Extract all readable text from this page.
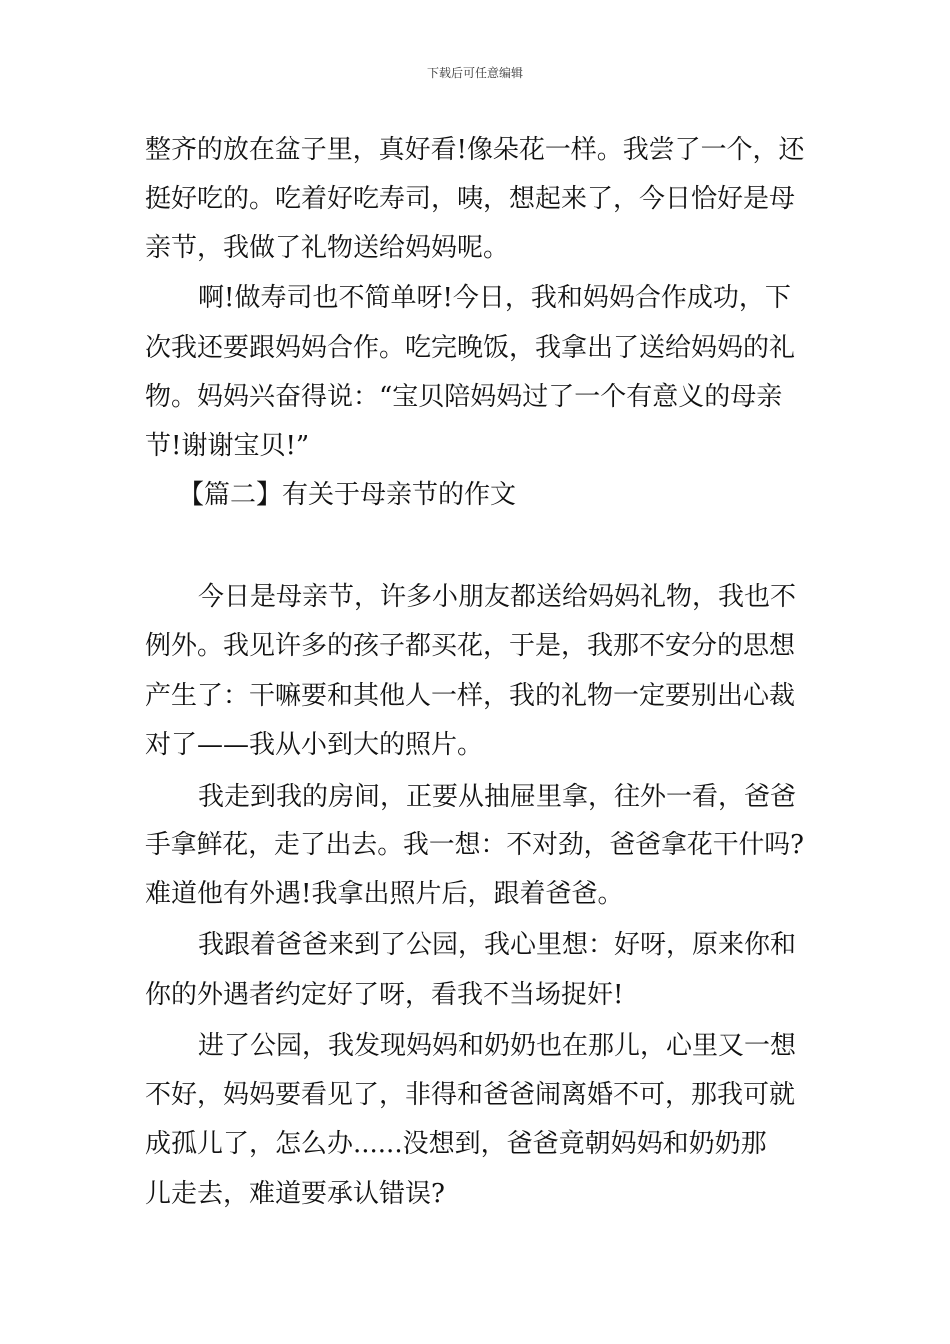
下载后可任意编辑
整齐的放在盆子里，真好看!像朵花一样。我尝了一个，还
挺好吃的。吃着好吃寿司，咦，想起来了，今日恰好是母
亲节，我做了礼物送给妈妈呢。
啊!做寿司也不简单呀!今日，我和妈妈合作成功，下
次我还要跟妈妈合作。吃完晚饭，我拿出了送给妈妈的礼
物。妈妈兴奋得说：“宝贝陪妈妈过了一个有意义的母亲
节!谢谢宝贝!”
【篇二】有关于母亲节的作文
今日是母亲节，许多小朋友都送给妈妈礼物，我也不
例外。我见许多的孩子都买花，于是，我那不安分的思想
产生了：干嘛要和其他人一样，我的礼物一定要别出心裁
对了——我从小到大的照片。
我走到我的房间，正要从抽屉里拿，往外一看，爸爸
手拿鲜花，走了出去。我一想：不对劲，爸爸拿花干什吗?
难道他有外遇!我拿出照片后，跟着爸爸。
我跟着爸爸来到了公园，我心里想：好呀，原来你和
你的外遇者约定好了呀，看我不当场捉奸!
进了公园，我发现妈妈和奶奶也在那儿，心里又一想
不好，妈妈要看见了，非得和爸爸闹离婚不可，那我可就
成孤儿了，怎么办......没想到，爸爸竟朝妈妈和奶奶那
儿走去，难道要承认错误?
